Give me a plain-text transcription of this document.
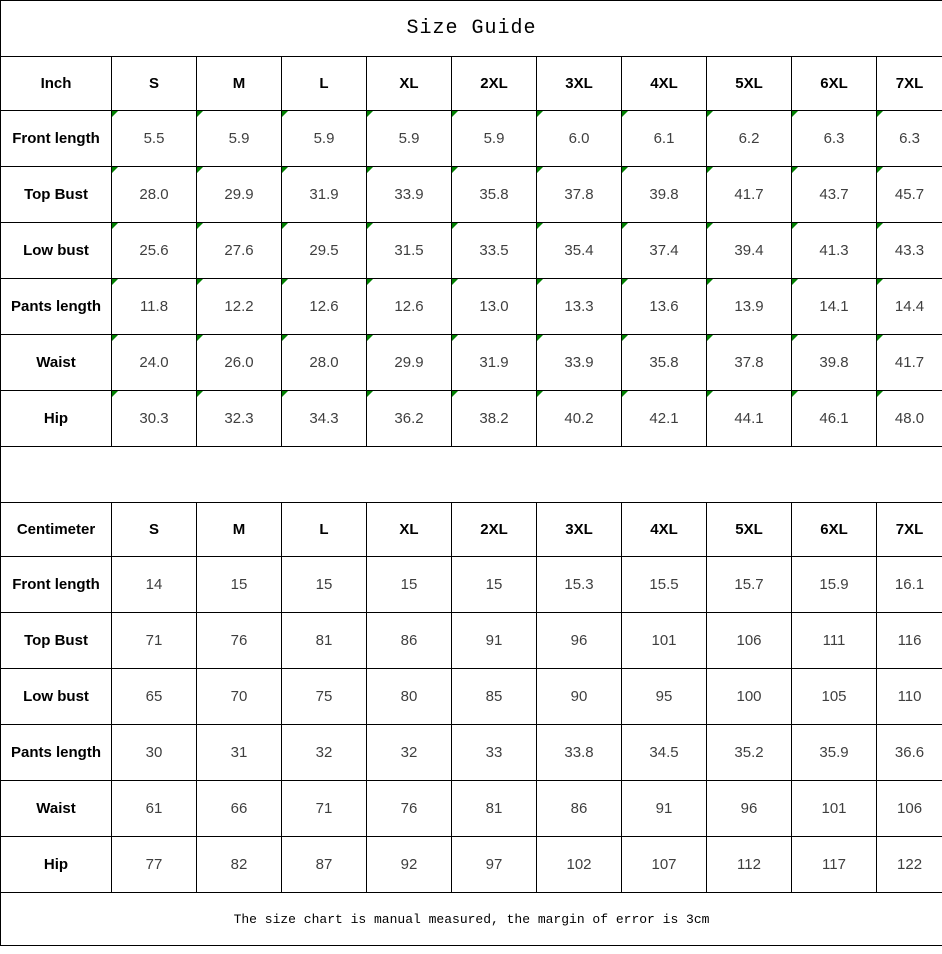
Size Guide										
Inch	S	M	L	XL	2XL	3XL	4XL	5XL	6XL	7XL
Front length	5.5	5.9	5.9	5.9	5.9	6.0	6.1	6.2	6.3	6.3
Top Bust	28.0	29.9	31.9	33.9	35.8	37.8	39.8	41.7	43.7	45.7
Low bust	25.6	27.6	29.5	31.5	33.5	35.4	37.4	39.4	41.3	43.3
Pants length	11.8	12.2	12.6	12.6	13.0	13.3	13.6	13.9	14.1	14.4
Waist	24.0	26.0	28.0	29.9	31.9	33.9	35.8	37.8	39.8	41.7
Hip	30.3	32.3	34.3	36.2	38.2	40.2	42.1	44.1	46.1	48.0

Centimeter	S	M	L	XL	2XL	3XL	4XL	5XL	6XL	7XL
Front length	14	15	15	15	15	15.3	15.5	15.7	15.9	16.1
Top Bust	71	76	81	86	91	96	101	106	111	116
Low bust	65	70	75	80	85	90	95	100	105	110
Pants length	30	31	32	32	33	33.8	34.5	35.2	35.9	36.6
Waist	61	66	71	76	81	86	91	96	101	106
Hip	77	82	87	92	97	102	107	112	117	122
The size chart is manual measured, the margin of error is 3cm										
